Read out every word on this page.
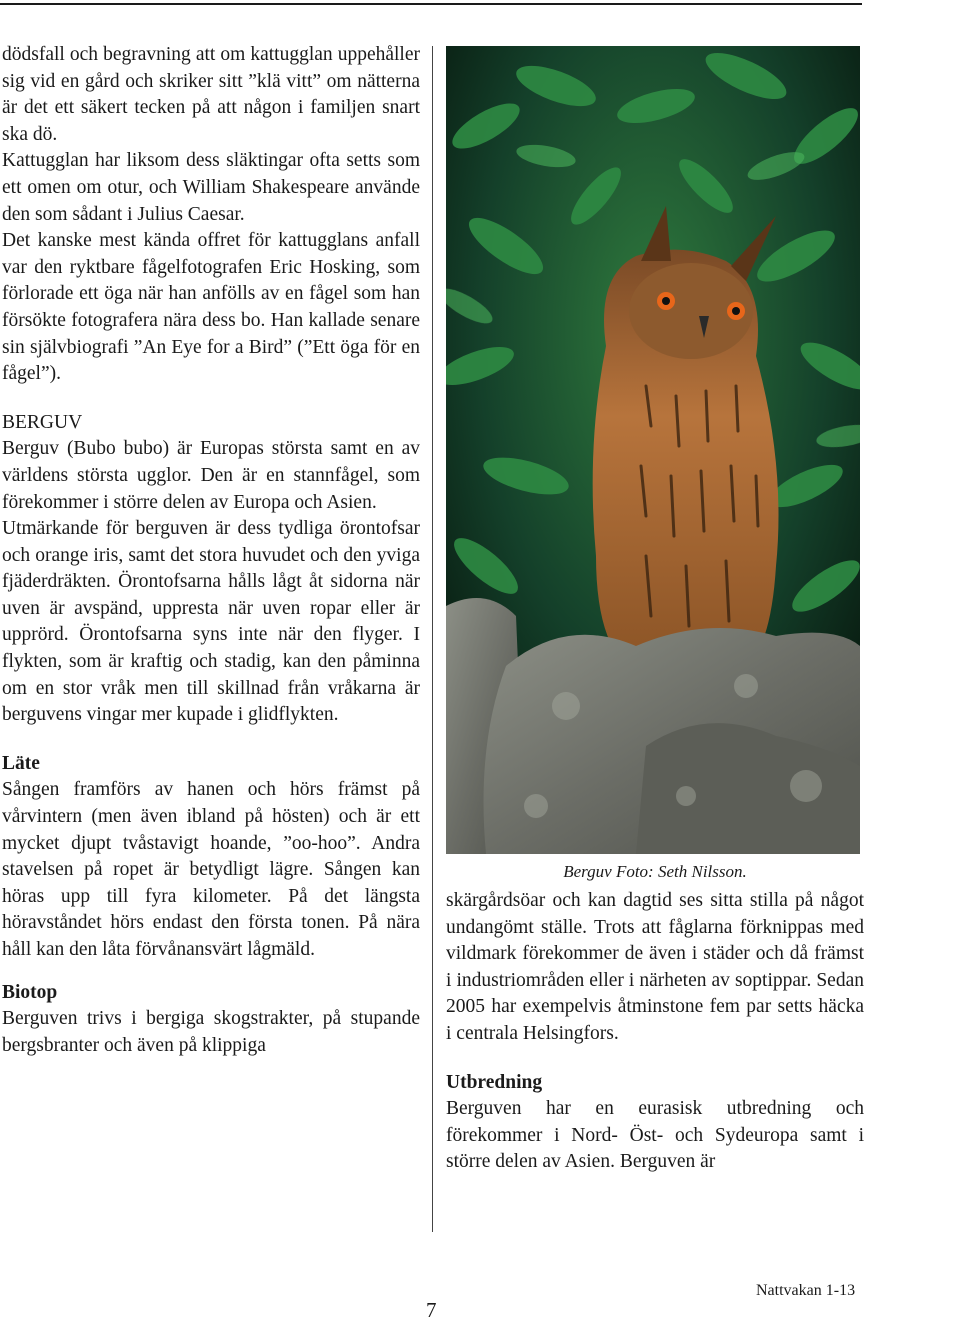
dödsfall och begravning att om kattugglan uppehåller sig vid en gård och skriker sitt ”klä vitt” om nätterna är det ett säkert tecken på att någon i familjen snart ska dö.

Kattugglan har liksom dess släktingar ofta setts som ett omen om otur, och William Shakespeare använde den som sådant i Julius Caesar.

Det kanske mest kända offret för kattugglans anfall var den ryktbare fågelfotografen Eric Hosking, som förlorade ett öga när han anfölls av en fågel som han försökte fotografera nära dess bo. Han kallade senare sin självbiografi ”An Eye for a Bird” (”Ett öga för en fågel”).

BERGUV

Berguv (Bubo bubo) är Europas största samt en av världens största ugglor. Den är en stannfågel, som förekommer i större delen av Europa och Asien.

Utmärkande för berguven är dess tydliga örontofsar och orange iris, samt det stora huvudet och den yviga fjäderdräkten. Örontofsarna hålls lågt åt sidorna när uven är avspänd, uppresta när uven ropar eller är upprörd. Örontofsarna syns inte när den flyger. I flykten, som är kraftig och stadig, kan den påminna om en stor vråk men till skillnad från vråkarna är berguvens vingar mer kupade i glidflykten.

Läte

Sången framförs av hanen och hörs främst på vårvintern (men även ibland på hösten) och är ett mycket djupt tvåstavigt hoande, ”oo-hoo”. Andra stavelsen på ropet är betydligt lägre. Sången kan höras upp till fyra kilometer. På det längsta höravståndet hörs endast den första tonen. På nära håll kan den låta förvånansvärt lågmäld.

Biotop

Berguven trivs i bergiga skogstrakter, på stupande bergsbranter och även på klippiga

Berguv Foto: Seth Nilsson.

skärgårdsöar och kan dagtid ses sitta stilla på något undangömt ställe. Trots att fåglarna förknippas med vildmark förekommer de även i städer och då främst i industriområden eller i närheten av soptippar. Sedan 2005 har exempelvis åtminstone fem par setts häcka i centrala Helsingfors.

Utbredning

Berguven har en eurasisk utbredning och förekommer i Nord- Öst- och Sydeuropa samt i större delen av Asien. Berguven är

7
Nattvakan 1-13
